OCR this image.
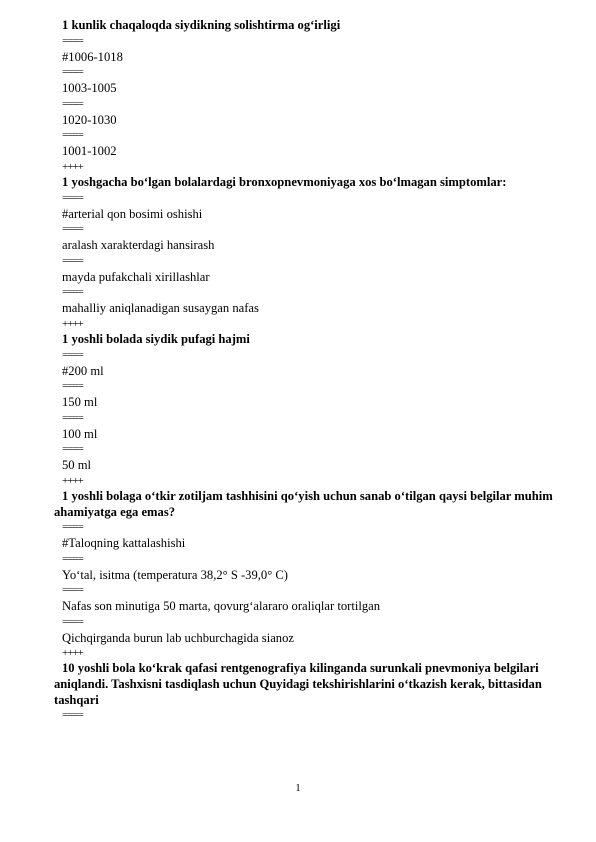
1 kunlik chaqaloqda siydikning solishtirma og‘irligi
====
#1006-1018
====
1003-1005
====
1020-1030
====
1001-1002
++++
1 yoshgacha bo‘lgan bolalardagi bronxopnevmoniyaga xos bo‘lmagan simptomlar:
====
#arterial qon bosimi oshishi
====
aralash xarakterdagi hansirash
====
mayda pufakchali xirillashlar
====
mahalliy aniqlanadigan susaygan nafas
++++
1 yoshli bolada siydik pufagi hajmi
====
#200 ml
====
150 ml
====
100 ml
====
50 ml
++++
1 yoshli bolaga o‘tkir zotiljam tashhisini qo‘yish uchun sanab o‘tilgan qaysi belgilar muhim ahamiyatga ega emas?
====
#Taloqning kattalashishi
====
Yo‘tal, isitma (temperatura 38,2° S -39,0° C)
====
Nafas son minutiga 50 marta, qovurg‘alararo oraliqlar tortilgan
====
Qichqirganda burun lab uchburchagida sianoz
++++
10 yoshli bola ko‘krak qafasi rentgenografiya kilinganda surunkali pnevmoniya belgilari aniqlandi. Tashxisni tasdiqlash uchun Quyidagi tekshirishlarini o‘tkazish kerak, bittasidan tashqari
====
1
